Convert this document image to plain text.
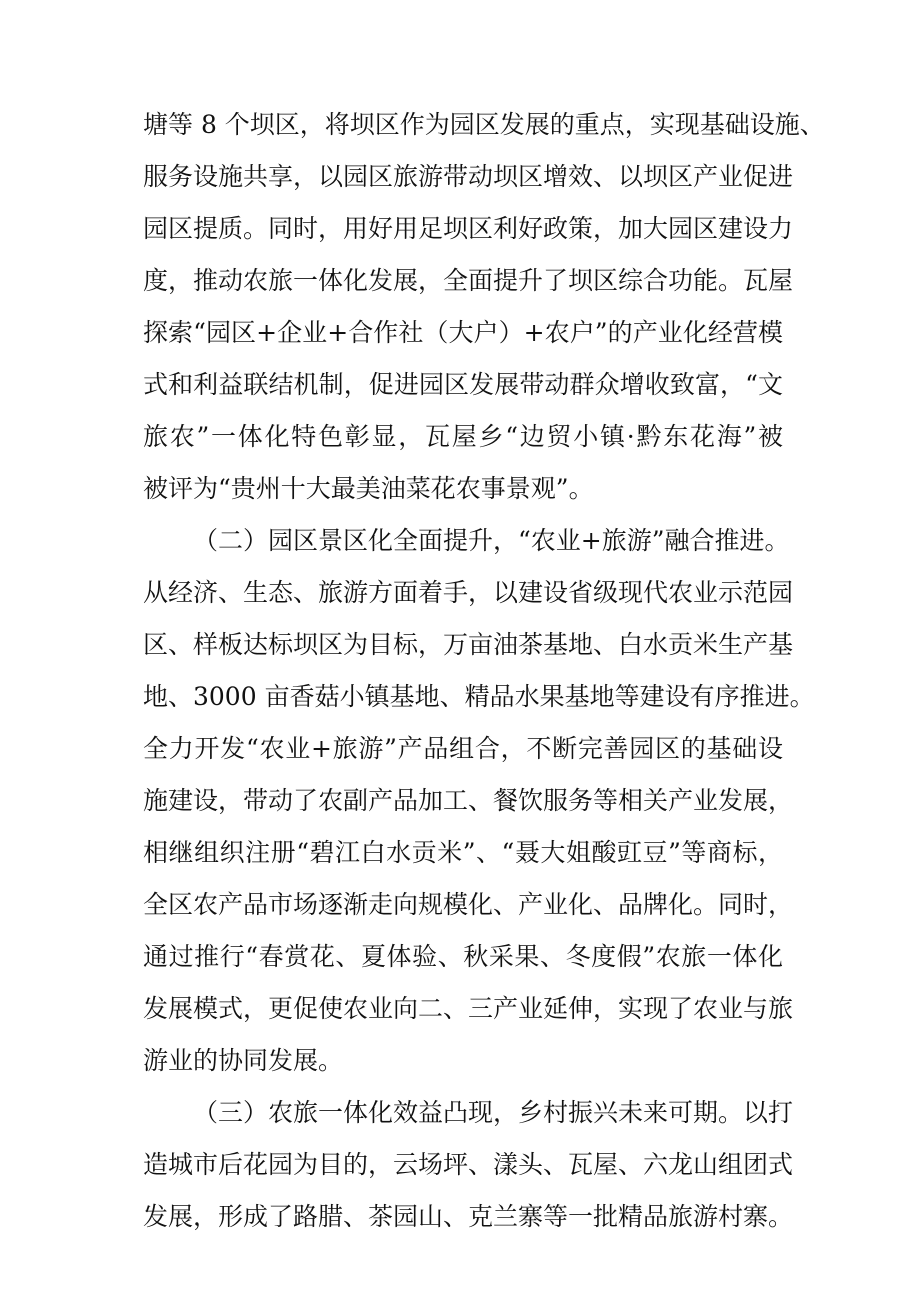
塘等 8 个坝区，将坝区作为园区发展的重点，实现基础设施、
服务设施共享，以园区旅游带动坝区增效、以坝区产业促进
园区提质。同时，用好用足坝区利好政策，加大园区建设力
度，推动农旅一体化发展，全面提升了坝区综合功能。瓦屋
探索“园区+企业+合作社（大户）+农户”的产业化经营模
式和利益联结机制，促进园区发展带动群众增收致富，“文
旅农”一体化特色彰显，瓦屋乡“边贸小镇·黔东花海”被
被评为“贵州十大最美油菜花农事景观”。
（二）园区景区化全面提升，“农业+旅游”融合推进。
从经济、生态、旅游方面着手，以建设省级现代农业示范园
区、样板达标坝区为目标，万亩油茶基地、白水贡米生产基
地、3000 亩香菇小镇基地、精品水果基地等建设有序推进。
全力开发“农业+旅游”产品组合，不断完善园区的基础设
施建设，带动了农副产品加工、餐饮服务等相关产业发展，
相继组织注册“碧江白水贡米”、“聂大姐酸豇豆”等商标，
全区农产品市场逐渐走向规模化、产业化、品牌化。同时，
通过推行“春赏花、夏体验、秋采果、冬度假”农旅一体化
发展模式，更促使农业向二、三产业延伸，实现了农业与旅
游业的协同发展。
（三）农旅一体化效益凸现，乡村振兴未来可期。以打
造城市后花园为目的，云场坪、漾头、瓦屋、六龙山组团式
发展，形成了路腊、茶园山、克兰寨等一批精品旅游村寨。
